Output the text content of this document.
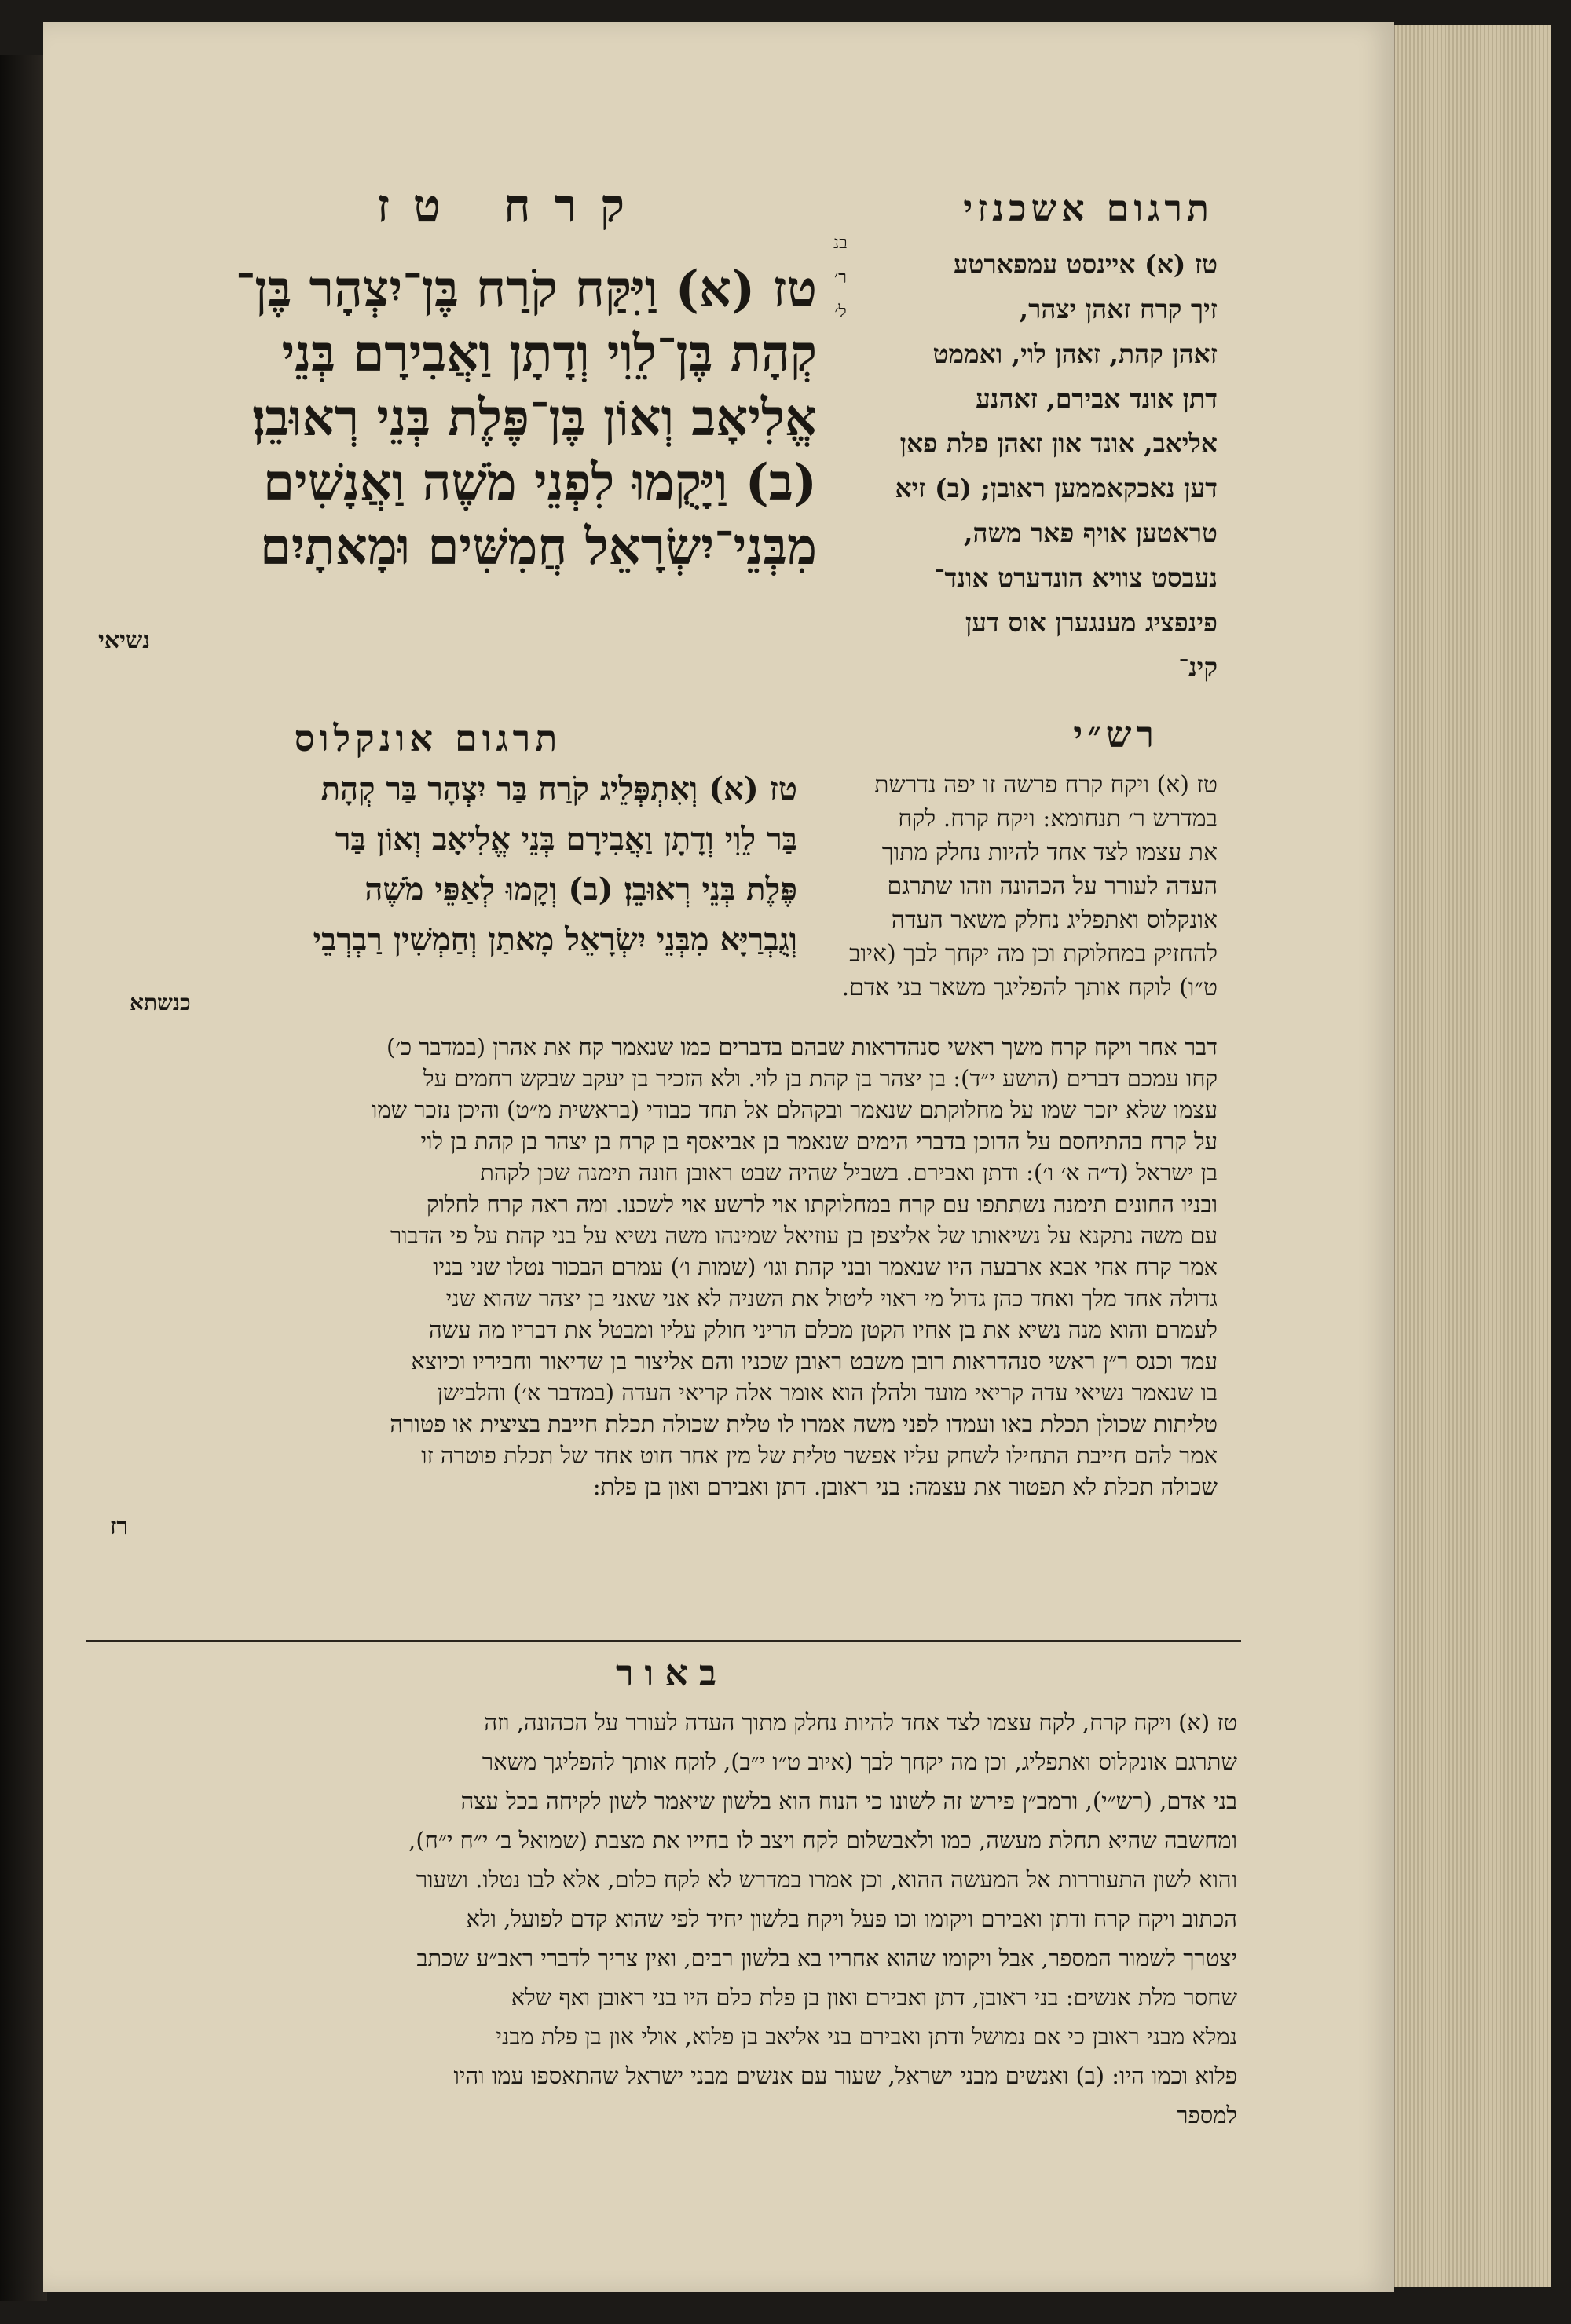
קרח טז	תרגום אשכנזי
בנ
ר׳
ל׳
טז (א) וַיִּקַּח קֹרַח בֶּן־יִצְהָר בֶּן־
קְהָת בֶּן־לֵוִי וְדָתָן וַאֲבִירָם בְּנֵי
אֱלִיאָב וְאוֹן בֶּן־פֶּלֶת בְּנֵי רְאוּבֵן׃
(ב) וַיָּקֻמוּ לִפְנֵי מֹשֶׁה וַאֲנָשִׁים
מִבְּנֵי־יִשְׂרָאֵל חֲמִשִּׁים וּמָאתָיִם
נשיאי
טז (א) איינסט עמפארטע
זיך קרח זאהן יצהר,
זאהן קהת, זאהן לוי, ואממט
דתן אונד אבירם, זאהנע
אליאב, אונד און זאהן פלת פאן
דען נאכקאממען ראובן; (ב) זיא
טראטען אויף פאר משה,
נעבסט צוויא הונדערט אונד־
פינפציג מענגערן אוס דען
קינ־
רש״י
תרגום אונקלוס
טז (א) וְאִתְפְּלֵיג קֹרַח בַּר יִצְהָר בַּר קְהָת
בַּר לֵוִי וְדָתָן וַאֲבִירָם בְּנֵי אֱלִיאָב וְאוֹן בַּר
פֶּלֶת בְּנֵי רְאוּבֵן׃ (ב) וְקָמוּ לְאַפֵּי מֹשֶׁה
וְגֻבְרַיָּא מִבְּנֵי יִשְׂרָאֵל מָאתַן וְחַמְשִׁין רַבְרְבֵי
כנשתא
טז (א) ויקח קרח פרשה זו יפה נדרשת
במדרש ר׳ תנחומא: ויקח קרח. לקח
את עצמו לצד אחד להיות נחלק מתוך
העדה לעורר על הכהונה וזהו שתרגם
אונקלוס ואתפליג נחלק משאר העדה
להחזיק במחלוקת וכן מה יקחך לבך (איוב
ט״ו) לוקח אותך להפליגך משאר בני אדם.
דבר אחר ויקח קרח משך ראשי סנהדראות שבהם בדברים כמו שנאמר קח את אהרן (במדבר כ׳)
קחו עמכם דברים (הושע י״ד): בן יצהר בן קהת בן לוי. ולא הזכיר בן יעקב שבקש רחמים על
עצמו שלא יזכר שמו על מחלוקתם שנאמר ובקהלם אל תחד כבודי (בראשית מ״ט) והיכן נזכר שמו
על קרח בהתיחסם על הדוכן בדברי הימים שנאמר בן אביאסף בן קרח בן יצהר בן קהת בן לוי
בן ישראל (ד״ה א׳ ו׳): ודתן ואבירם. בשביל שהיה שבט ראובן חונה תימנה שכן לקהת
ובניו החונים תימנה נשתתפו עם קרח במחלוקתו אוי לרשע אוי לשכנו. ומה ראה קרח לחלוק
עם משה נתקנא על נשיאותו של אליצפן בן עוזיאל שמינהו משה נשיא על בני קהת על פי הדבור
אמר קרח אחי אבא ארבעה היו שנאמר ובני קהת וגו׳ (שמות ו׳) עמרם הבכור נטלו שני בניו
גדולה אחד מלך ואחד כהן גדול מי ראוי ליטול את השניה לא אני שאני בן יצהר שהוא שני
לעמרם והוא מנה נשיא את בן אחיו הקטן מכלם הריני חולק עליו ומבטל את דבריו מה עשה
עמד וכנס ר״ן ראשי סנהדראות רובן משבט ראובן שכניו והם אליצור בן שדיאור וחביריו וכיוצא
בו שנאמר נשיאי עדה קריאי מועד ולהלן הוא אומר אלה קריאי העדה (במדבר א׳) והלבישן
טליתות שכולן תכלת באו ועמדו לפני משה אמרו לו טלית שכולה תכלת חייבת בציצית או פטורה
אמר להם חייבת התחילו לשחק עליו אפשר טלית של מין אחר חוט אחד של תכלת פוטרה זו
שכולה תכלת לא תפטור את עצמה: בני ראובן. דתן ואבירם ואון בן פלת:
רז
באור
טז (א) ויקח קרח, לקח עצמו לצד אחד להיות נחלק מתוך העדה לעורר על הכהונה, וזה
שתרגם אונקלוס ואתפליג, וכן מה יקחך לבך (איוב ט״ו י״ב), לוקח אותך להפליגך משאר
בני אדם, (רש״י), ורמב״ן פירש זה לשונו כי הנוח הוא בלשון שיאמר לשון לקיחה בכל עצה
ומחשבה שהיא תחלת מעשה, כמו ולאבשלום לקח ויצב לו בחייו את מצבת (שמואל ב׳ י״ח י״ח),
והוא לשון התעוררות אל המעשה ההוא, וכן אמרו במדרש לא לקח כלום, אלא לבו נטלו. ושעור
הכתוב ויקח קרח ודתן ואבירם ויקומו וכו פעל ויקח בלשון יחיד לפי שהוא קדם לפועל, ולא
יצטרך לשמור המספר, אבל ויקומו שהוא אחריו בא בלשון רבים, ואין צריך לדברי ראב״ע שכתב
שחסר מלת אנשים: בני ראובן, דתן ואבירם ואון בן פלת כלם היו בני ראובן ואף שלא
נמלא מבני ראובן כי אם נמושל ודתן ואבירם בני אליאב בן פלוא, אולי און בן פלת מבני
פלוא וכמו היו: (ב) ואנשים מבני ישראל, שעור עם אנשים מבני ישראל שהתאספו עמו והיו
למספר
